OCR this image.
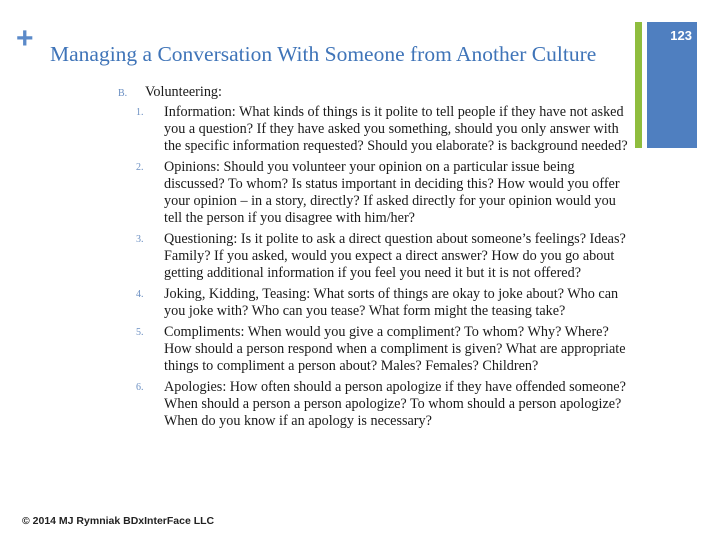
+ Managing a Conversation With Someone from Another Culture
123
B. Volunteering:
1. Information: What kinds of things is it polite to tell people if they have not asked you a question? If they have asked you something, should you only answer with the specific information requested? Should you elaborate? is background needed?
2. Opinions: Should you volunteer your opinion on a particular issue being discussed? To whom? Is status important in deciding this? How would you offer your opinion – in a story, directly? If asked directly for your opinion would you tell the person if you disagree with him/her?
3. Questioning: Is it polite to ask a direct question about someone’s feelings? Ideas? Family? If you asked, would you expect a direct answer? How do you go about getting additional information if you feel you need it but it is not offered?
4. Joking, Kidding, Teasing: What sorts of things are okay to joke about? Who can you joke with? Who can you tease? What form might the teasing take?
5. Compliments: When would you give a compliment? To whom? Why? Where? How should a person respond when a compliment is given? What are appropriate things to compliment a person about? Males? Females? Children?
6. Apologies: How often should a person apologize if they have offended someone? When should a person a person apologize? To whom should a person apologize? When do you know if an apology is necessary?
© 2014 MJ Rymniak BDxInterFace LLC
